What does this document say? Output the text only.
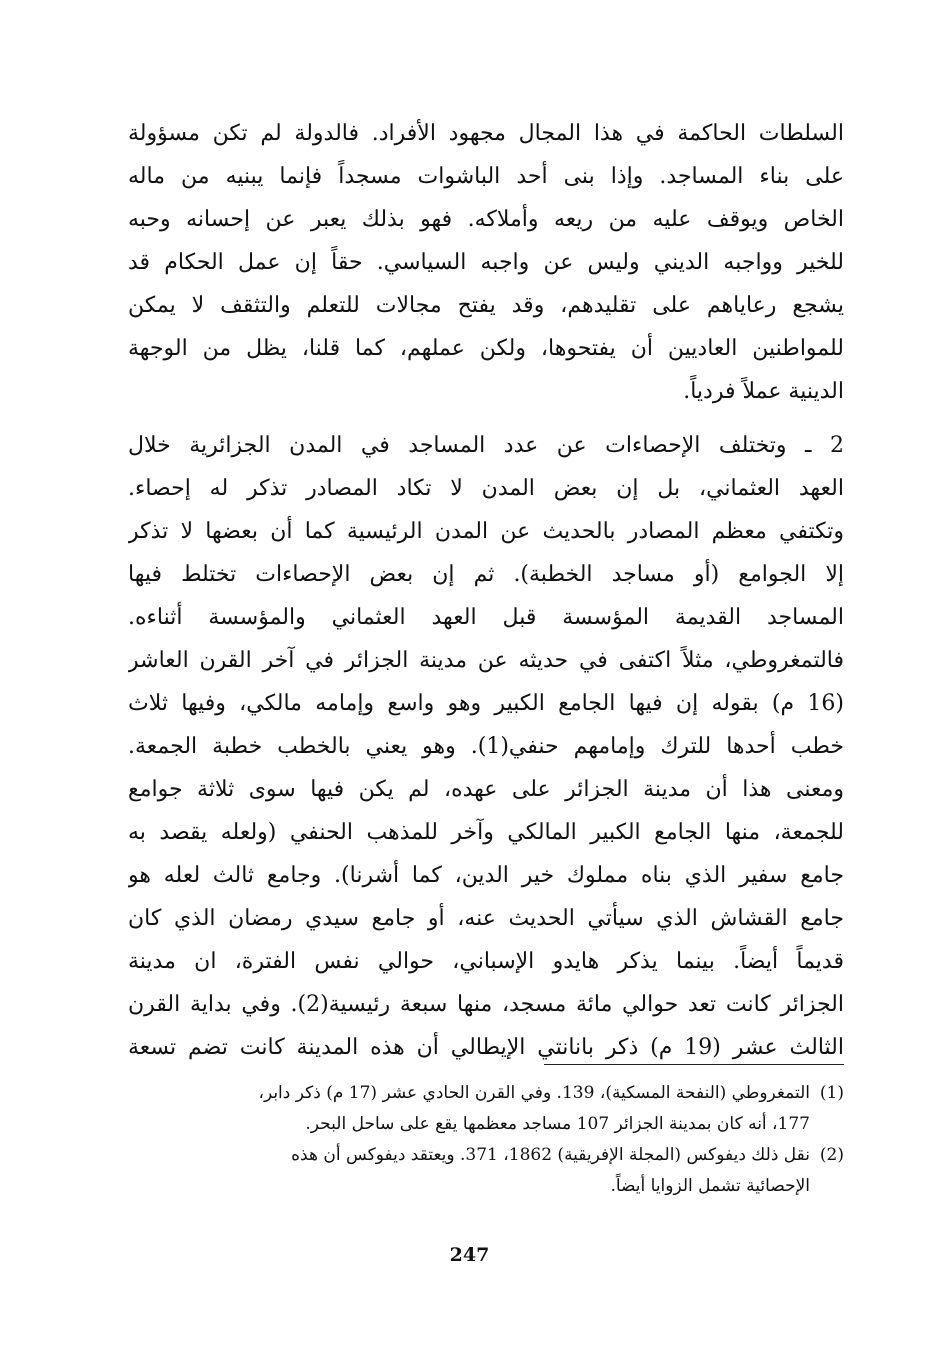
السلطات الحاكمة في هذا المجال مجهود الأفراد. فالدولة لم تكن مسؤولة
على بناء المساجد. وإذا بنى أحد الباشوات مسجداً فإنما يبنيه من ماله
الخاص ويوقف عليه من ريعه وأملاكه. فهو بذلك يعبر عن إحسانه وحبه
للخير وواجبه الديني وليس عن واجبه السياسي. حقاً إن عمل الحكام قد
يشجع رعاياهم على تقليدهم، وقد يفتح مجالات للتعلم والتثقف لا يمكن
للمواطنين العاديين أن يفتحوها، ولكن عملهم، كما قلنا، يظل من الوجهة
الدينية عملاً فردياً.
2 ـ وتختلف الإحصاءات عن عدد المساجد في المدن الجزائرية خلال
العهد العثماني، بل إن بعض المدن لا تكاد المصادر تذكر له إحصاء.
وتكتفي معظم المصادر بالحديث عن المدن الرئيسية كما أن بعضها لا تذكر
إلا الجوامع (أو مساجد الخطبة). ثم إن بعض الإحصاءات تختلط فيها
المساجد القديمة المؤسسة قبل العهد العثماني والمؤسسة أثناءه.
فالتمغروطي، مثلاً اكتفى في حديثه عن مدينة الجزائر في آخر القرن العاشر
(16 م) بقوله إن فيها الجامع الكبير وهو واسع وإمامه مالكي، وفيها ثلاث
خطب أحدها للترك وإمامهم حنفي(1). وهو يعني بالخطب خطبة الجمعة.
ومعنى هذا أن مدينة الجزائر على عهده، لم يكن فيها سوى ثلاثة جوامع
للجمعة، منها الجامع الكبير المالكي وآخر للمذهب الحنفي (ولعله يقصد به
جامع سفير الذي بناه مملوك خير الدين، كما أشرنا). وجامع ثالث لعله هو
جامع القشاش الذي سيأتي الحديث عنه، أو جامع سيدي رمضان الذي كان
قديماً أيضاً. بينما يذكر هايدو الإسباني، حوالي نفس الفترة، ان مدينة
الجزائر كانت تعد حوالي مائة مسجد، منها سبعة رئيسية(2). وفي بداية القرن
الثالث عشر (19 م) ذكر بانانتي الإيطالي أن هذه المدينة كانت تضم تسعة
(1)التمغروطي (النفحة المسكية)، 139. وفي القرن الحادي عشر (17 م) ذكر دابر،
177، أنه كان بمدينة الجزائر 107 مساجد معظمها يقع على ساحل البحر.
(2)نقل ذلك ديفوكس (المجلة الإفريقية) 1862، 371. ويعتقد ديفوكس أن هذه
الإحصائية تشمل الزوايا أيضاً.
247
